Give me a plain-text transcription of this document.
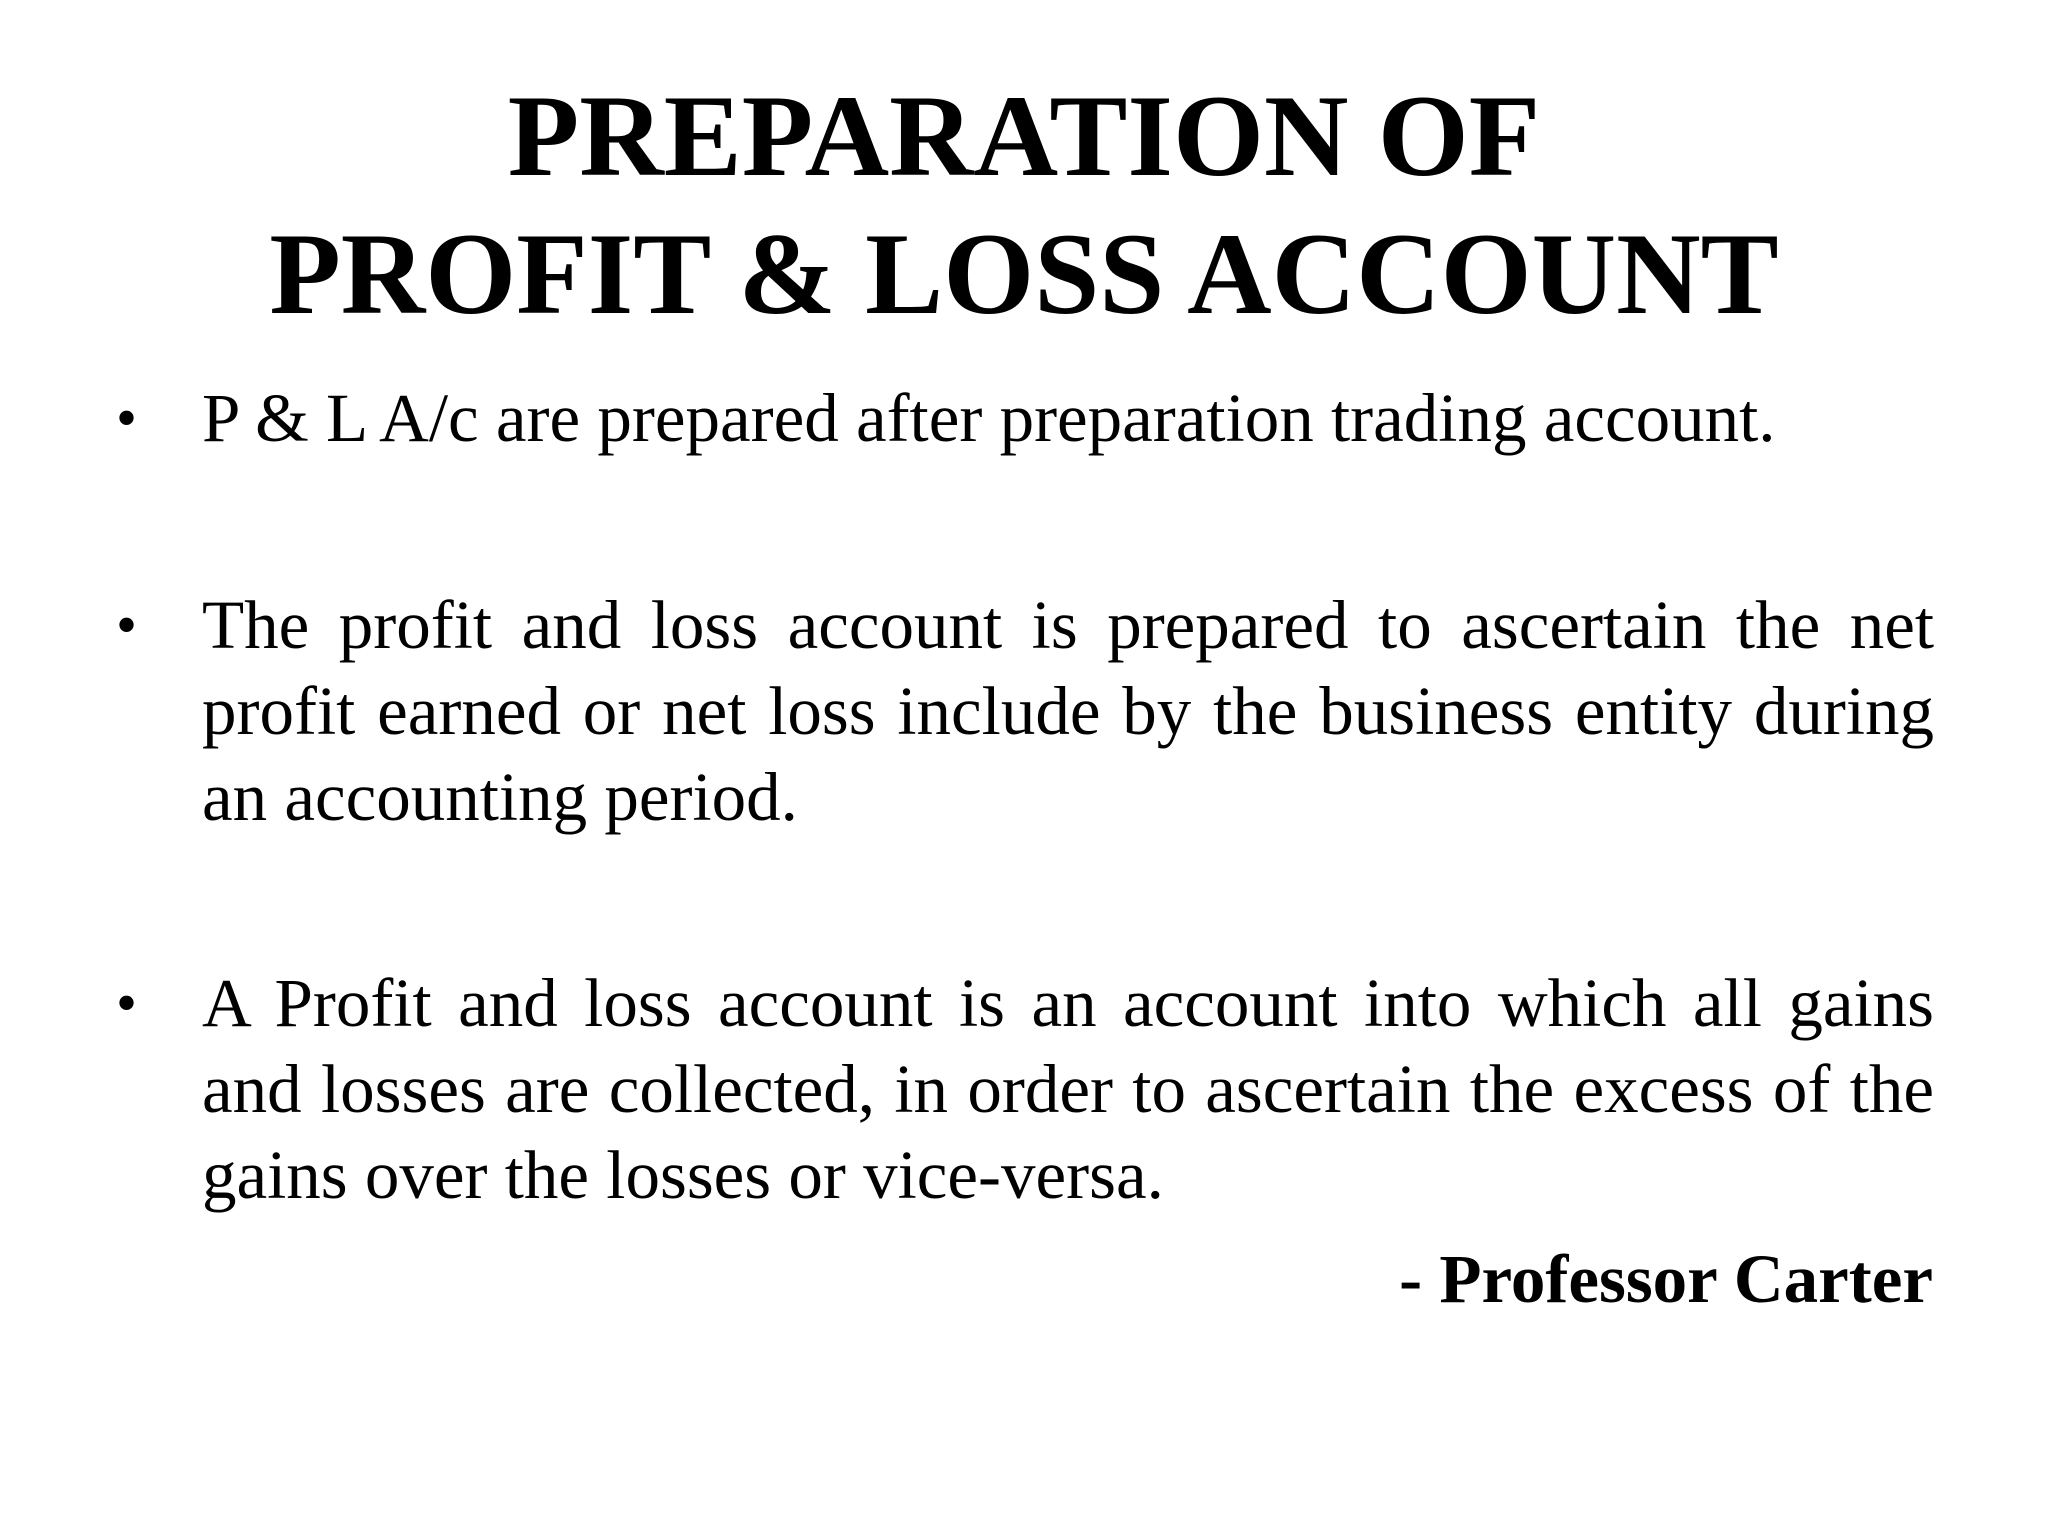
PREPARATION OF
PROFIT & LOSS ACCOUNT
• P & L A/c are prepared after preparation trading account.
• The profit and loss account is prepared to ascertain the net profit earned or net loss include by the business entity during an accounting period.
• A Profit and loss account is an account into which all gains and losses are collected, in order to ascertain the excess of the gains over the losses or vice-versa.
- Professor Carter
